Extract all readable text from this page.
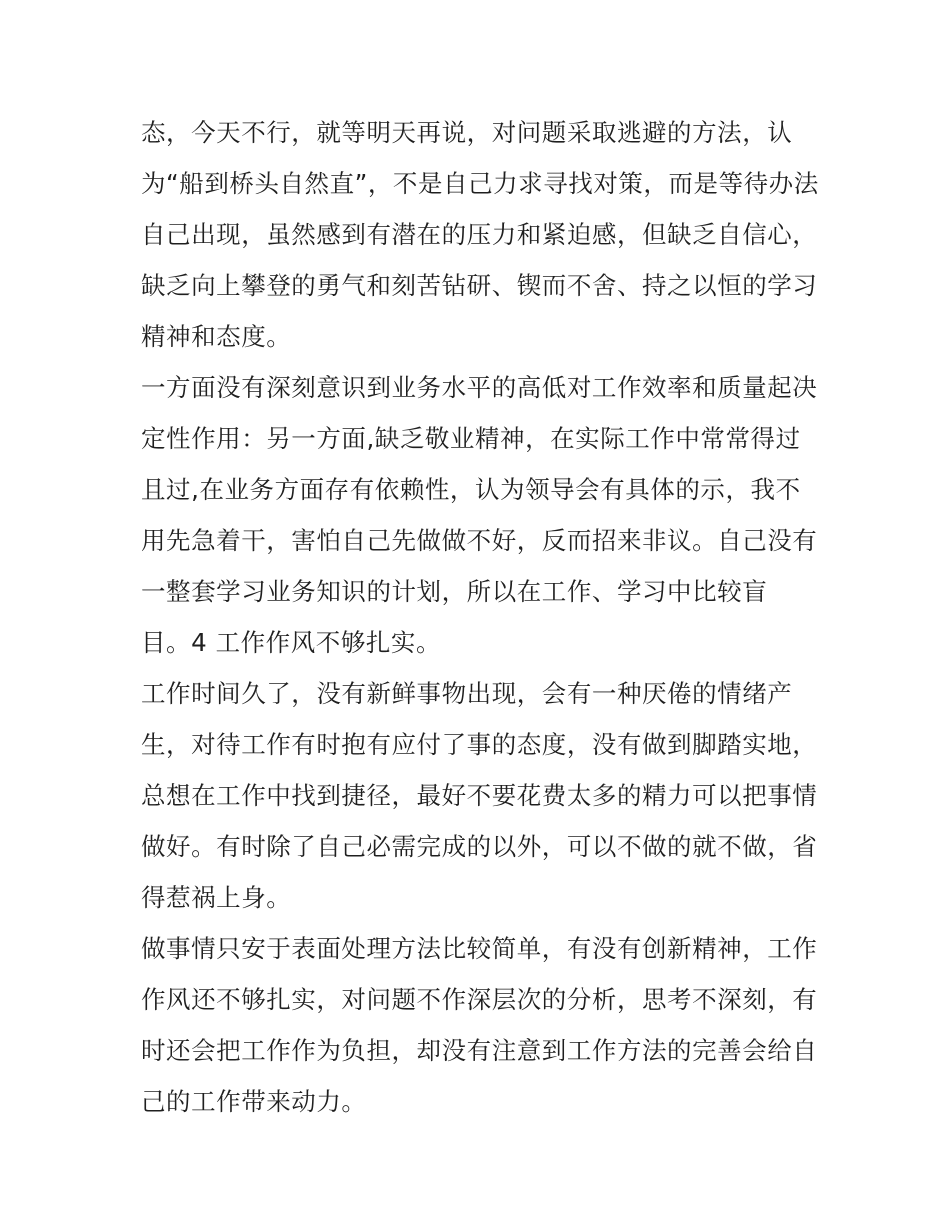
态，今天不行，就等明天再说，对问题采取逃避的方法，认
为“船到桥头自然直”，不是自己力求寻找对策，而是等待办法
自己出现，虽然感到有潜在的压力和紧迫感，但缺乏自信心，
缺乏向上攀登的勇气和刻苦钻研、锲而不舍、持之以恒的学习
精神和态度。
一方面没有深刻意识到业务水平的高低对工作效率和质量起决
定性作用：另一方面,缺乏敬业精神，在实际工作中常常得过
且过,在业务方面存有依赖性，认为领导会有具体的示，我不
用先急着干，害怕自己先做做不好，反而招来非议。自己没有
一整套学习业务知识的计划，所以在工作、学习中比较盲
目。4 工作作风不够扎实。
工作时间久了，没有新鲜事物出现，会有一种厌倦的情绪产
生，对待工作有时抱有应付了事的态度，没有做到脚踏实地，
总想在工作中找到捷径，最好不要花费太多的精力可以把事情
做好。有时除了自己必需完成的以外，可以不做的就不做，省
得惹祸上身。
做事情只安于表面处理方法比较简单，有没有创新精神，工作
作风还不够扎实，对问题不作深层次的分析，思考不深刻，有
时还会把工作作为负担，却没有注意到工作方法的完善会给自
己的工作带来动力。
